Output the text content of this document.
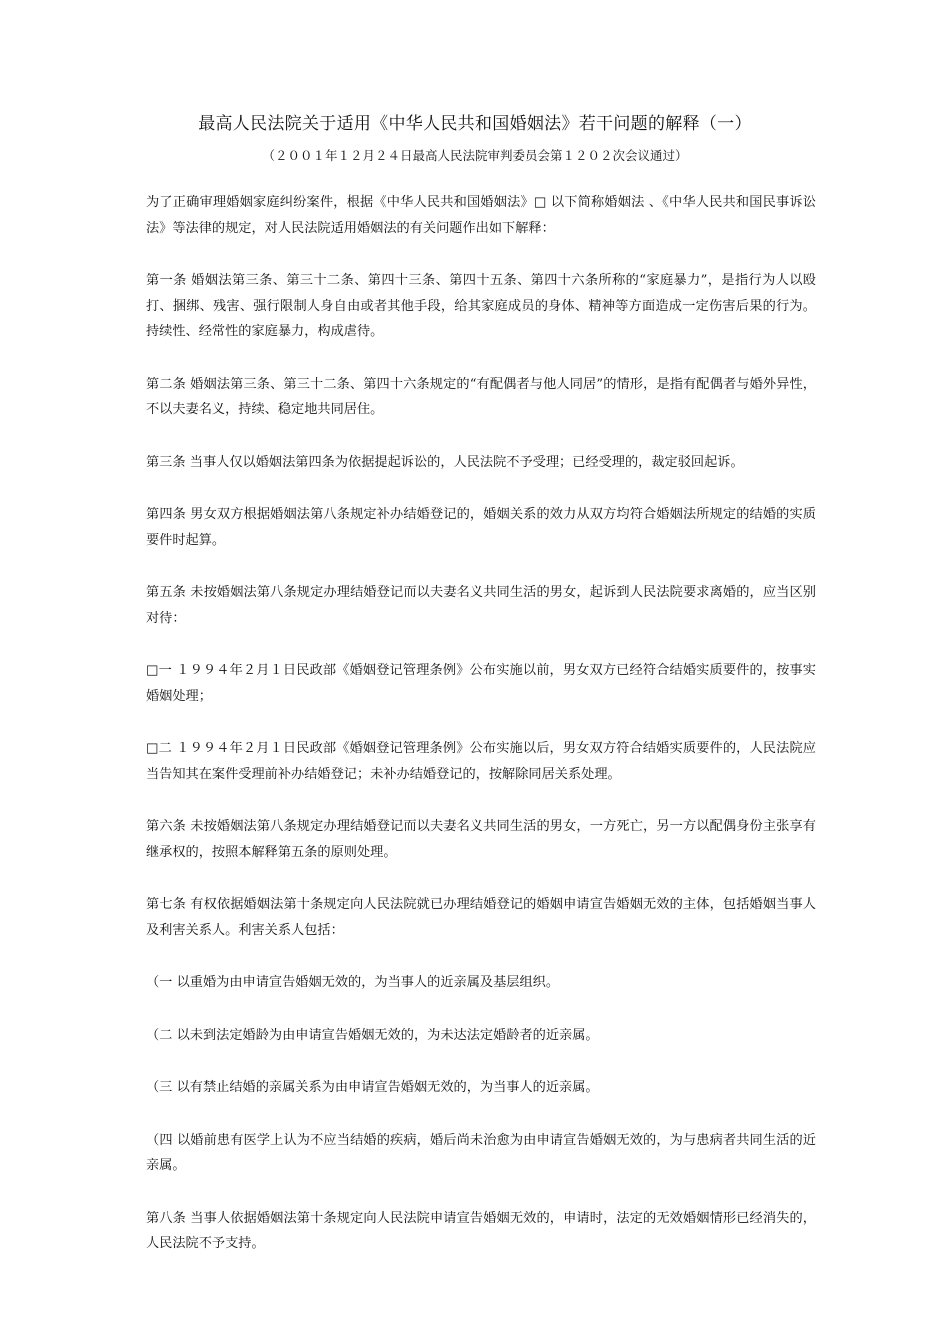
最高人民法院关于适用《中华人民共和国婚姻法》若干问题的解释（一）
（２００１年１２月２４日最高人民法院审判委员会第１２０２次会议通过）

为了正确审理婚姻家庭纠纷案件，根据《中华人民共和国婚姻法》□ 以下简称婚姻法 、《中华人民共和国民事诉讼法》等法律的规定，对人民法院适用婚姻法的有关问题作出如下解释：

第一条 婚姻法第三条、第三十二条、第四十三条、第四十五条、第四十六条所称的“家庭暴力”，是指行为人以殴打、捆绑、残害、强行限制人身自由或者其他手段，给其家庭成员的身体、精神等方面造成一定伤害后果的行为。持续性、经常性的家庭暴力，构成虐待。

第二条 婚姻法第三条、第三十二条、第四十六条规定的“有配偶者与他人同居”的情形，是指有配偶者与婚外异性，不以夫妻名义，持续、稳定地共同居住。

第三条 当事人仅以婚姻法第四条为依据提起诉讼的，人民法院不予受理；已经受理的，裁定驳回起诉。

第四条 男女双方根据婚姻法第八条规定补办结婚登记的，婚姻关系的效力从双方均符合婚姻法所规定的结婚的实质要件时起算。

第五条 未按婚姻法第八条规定办理结婚登记而以夫妻名义共同生活的男女，起诉到人民法院要求离婚的，应当区别对待：

□一 １９９４年２月１日民政部《婚姻登记管理条例》公布实施以前，男女双方已经符合结婚实质要件的，按事实婚姻处理；

□二 １９９４年２月１日民政部《婚姻登记管理条例》公布实施以后，男女双方符合结婚实质要件的，人民法院应当告知其在案件受理前补办结婚登记；未补办结婚登记的，按解除同居关系处理。

第六条 未按婚姻法第八条规定办理结婚登记而以夫妻名义共同生活的男女，一方死亡，另一方以配偶身份主张享有继承权的，按照本解释第五条的原则处理。

第七条 有权依据婚姻法第十条规定向人民法院就已办理结婚登记的婚姻申请宣告婚姻无效的主体，包括婚姻当事人及利害关系人。利害关系人包括：

（一 以重婚为由申请宣告婚姻无效的，为当事人的近亲属及基层组织。

（二 以未到法定婚龄为由申请宣告婚姻无效的，为未达法定婚龄者的近亲属。

（三 以有禁止结婚的亲属关系为由申请宣告婚姻无效的，为当事人的近亲属。

（四 以婚前患有医学上认为不应当结婚的疾病，婚后尚未治愈为由申请宣告婚姻无效的，为与患病者共同生活的近亲属。

第八条 当事人依据婚姻法第十条规定向人民法院申请宣告婚姻无效的，申请时，法定的无效婚姻情形已经消失的，人民法院不予支持。
